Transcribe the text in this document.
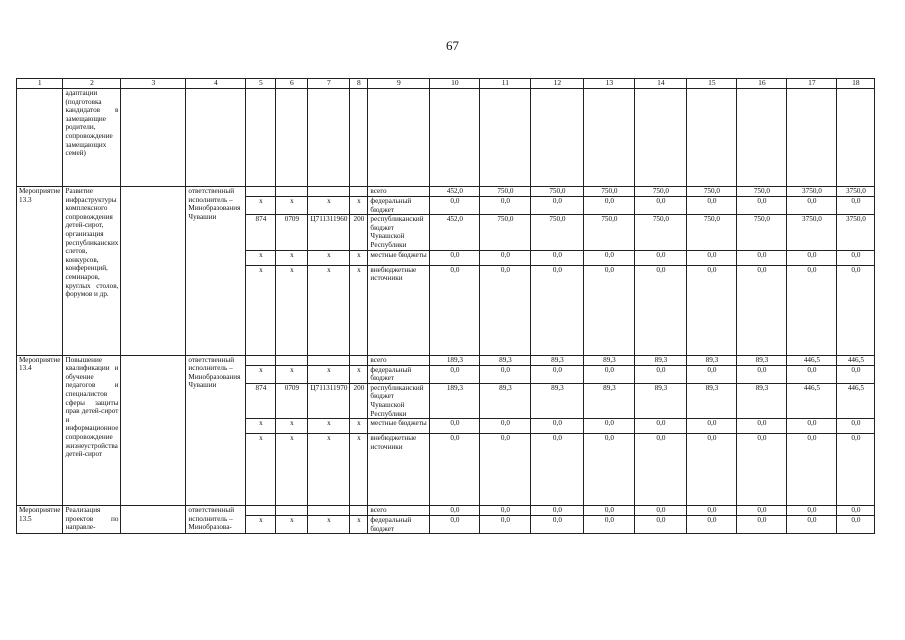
67
1	2	3	4	5	6	7	8	9	10	11	12	13	14	15	16	17	18
	адаптации (подготовка кандидатов в замещающие родители, сопровождение замещающих семей)																
Мероприятие 13.3	Развитие инфраструктуры комплексного сопровождения детей-сирот, организация республиканских слетов, конкурсов, конференций, семинаров, круглых столов, форумов и др.		ответственный исполнитель – Минобразования Чувашии					всего	452,0	750,0	750,0	750,0	750,0	750,0	750,0	3750,0	3750,0
				x	x	x	x	федеральный бюджет	0,0	0,0	0,0	0,0	0,0	0,0	0,0	0,0	0,0
				874	0709	Ц711311960	200	республиканский бюджет Чувашской Республики	452,0	750,0	750,0	750,0	750,0	750,0	750,0	3750,0	3750,0
				x	x	x	x	местные бюджеты	0,0	0,0	0,0	0,0	0,0	0,0	0,0	0,0	0,0
				x	x	x	x	внебюджетные источники	0,0	0,0	0,0	0,0	0,0	0,0	0,0	0,0	0,0
Мероприятие 13.4	Повышение квалификации и обучение педагогов и специалистов сферы защиты прав детей-сирот и информационное сопровождение жизнеустройства детей-сирот		ответственный исполнитель – Минобразования Чувашии					всего	189,3	89,3	89,3	89,3	89,3	89,3	89,3	446,5	446,5
				x	x	x	x	федеральный бюджет	0,0	0,0	0,0	0,0	0,0	0,0	0,0	0,0	0,0
				874	0709	Ц711311970	200	республиканский бюджет Чувашской Республики	189,3	89,3	89,3	89,3	89,3	89,3	89,3	446,5	446,5
				x	x	x	x	местные бюджеты	0,0	0,0	0,0	0,0	0,0	0,0	0,0	0,0	0,0
				x	x	x	x	внебюджетные источники	0,0	0,0	0,0	0,0	0,0	0,0	0,0	0,0	0,0
Мероприятие 13.5	Реализация проектов по направле-		ответственный исполнитель – Минобразова-					всего	0,0	0,0	0,0	0,0	0,0	0,0	0,0	0,0	0,0
				x	x	x	x	федеральный бюджет	0,0	0,0	0,0	0,0	0,0	0,0	0,0	0,0	0,0
